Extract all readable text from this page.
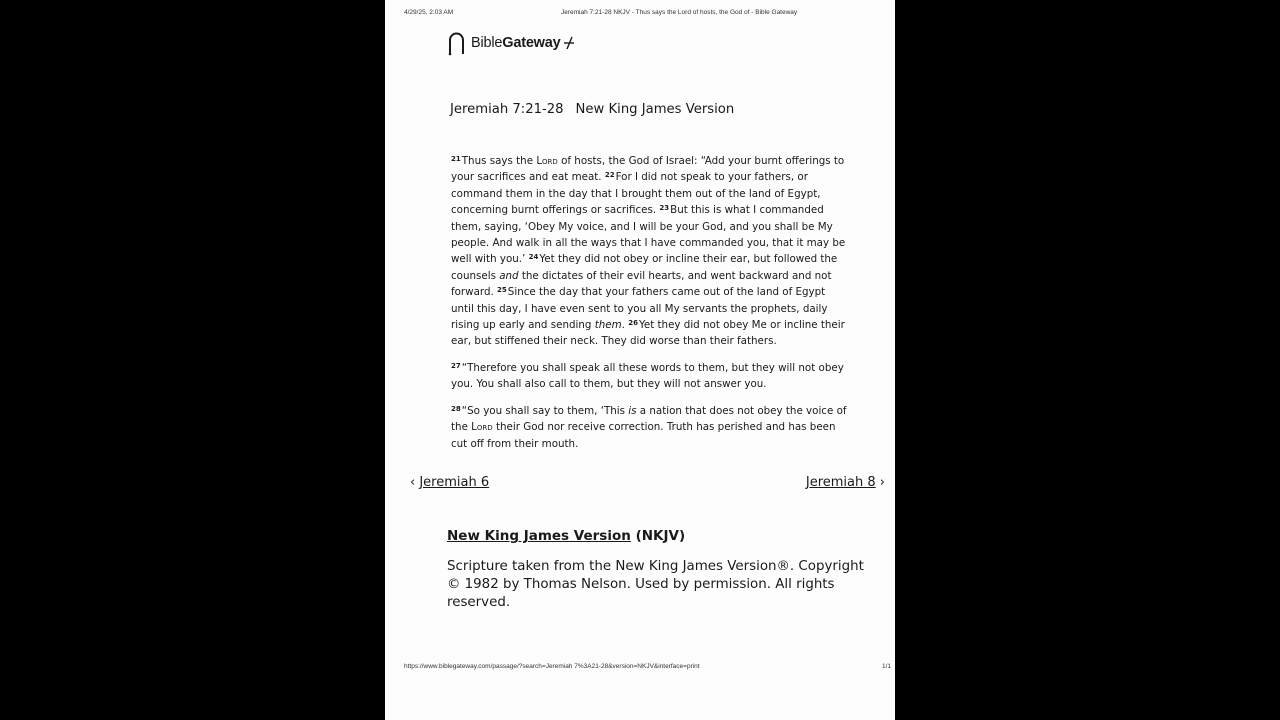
4/29/25, 2:03 AM	Jeremiah 7:21-28 NKJV - Thus says the Lord of hosts, the God of - Bible Gateway
BibleGateway
Jeremiah 7:21-28 New King James Version

$^{21}$Thus says the Lord of hosts, the God of Israel: “Add your burnt offerings to your sacrifices and eat meat. $^{22}$For I did not speak to your fathers, or command them in the day that I brought them out of the land of Egypt, concerning burnt offerings or sacrifices. $^{23}$But this is what I commanded them, saying, ‘Obey My voice, and I will be your God, and you shall be My people. And walk in all the ways that I have commanded you, that it may be well with you.’ $^{24}$Yet they did not obey or incline their ear, but followed the counsels and the dictates of their evil hearts, and went backward and not forward. $^{25}$Since the day that your fathers came out of the land of Egypt until this day, I have even sent to you all My servants the prophets, daily rising up early and sending them. $^{26}$Yet they did not obey Me or incline their ear, but stiffened their neck. They did worse than their fathers.

$^{27}$“Therefore you shall speak all these words to them, but they will not obey you. You shall also call to them, but they will not answer you.

$^{28}$“So you shall say to them, ‘This is a nation that does not obey the voice of the Lord their God nor receive correction. Truth has perished and has been cut off from their mouth.

‹ Jeremiah 6	Jeremiah 8 ›
New King James Version (NKJV)
Scripture taken from the New King James Version®. Copyright © 1982 by Thomas Nelson. Used by permission. All rights reserved.
https://www.biblegateway.com/passage/?search=Jeremiah 7%3A21-28&version=NKJV&interface=print	1/1
